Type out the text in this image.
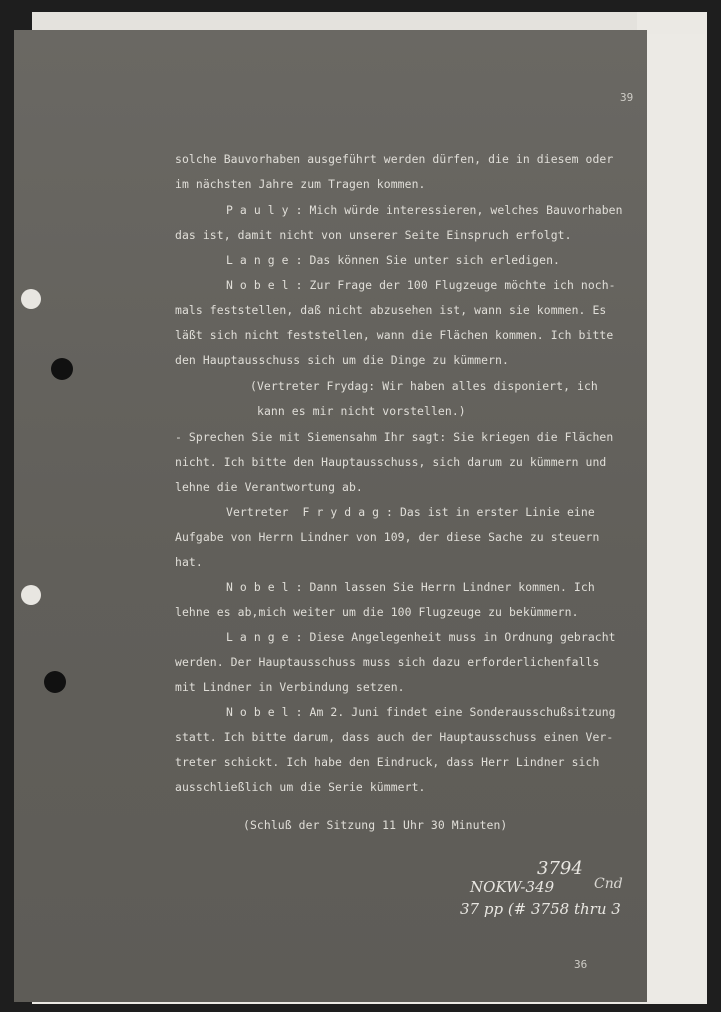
39
solche Bauvorhaben ausgeführt werden dürfen, die in diesem oder
im nächsten Jahre zum Tragen kommen.
P a u l y : Mich würde interessieren, welches Bauvorhaben
das ist, damit nicht von unserer Seite Einspruch erfolgt.
L a n g e : Das können Sie unter sich erledigen.
N o b e l : Zur Frage der 100 Flugzeuge möchte ich noch-
mals feststellen, daß nicht abzusehen ist, wann sie kommen. Es
läßt sich nicht feststellen, wann die Flächen kommen. Ich bitte
den Hauptausschuss sich um die Dinge zu kümmern.
(Vertreter Frydag: Wir haben alles disponiert, ich
kann es mir nicht vorstellen.)
- Sprechen Sie mit Siemensahm Ihr sagt: Sie kriegen die Flächen
nicht. Ich bitte den Hauptausschuss, sich darum zu kümmern und
lehne die Verantwortung ab.
Vertreter  F r y d a g : Das ist in erster Linie eine
Aufgabe von Herrn Lindner von 109, der diese Sache zu steuern
hat.
N o b e l : Dann lassen Sie Herrn Lindner kommen. Ich
lehne es ab,mich weiter um die 100 Flugzeuge zu bekümmern.
L a n g e : Diese Angelegenheit muss in Ordnung gebracht
werden. Der Hauptausschuss muss sich dazu erforderlichenfalls
mit Lindner in Verbindung setzen.
N o b e l : Am 2. Juni findet eine Sonderausschußsitzung
statt. Ich bitte darum, dass auch der Hauptausschuss einen Ver-
treter schickt. Ich habe den Eindruck, dass Herr Lindner sich
ausschließlich um die Serie kümmert.
(Schluß der Sitzung 11 Uhr 30 Minuten)
3794
NOKW-349	Cnd
37 pp (# 3758 thru 3
36
